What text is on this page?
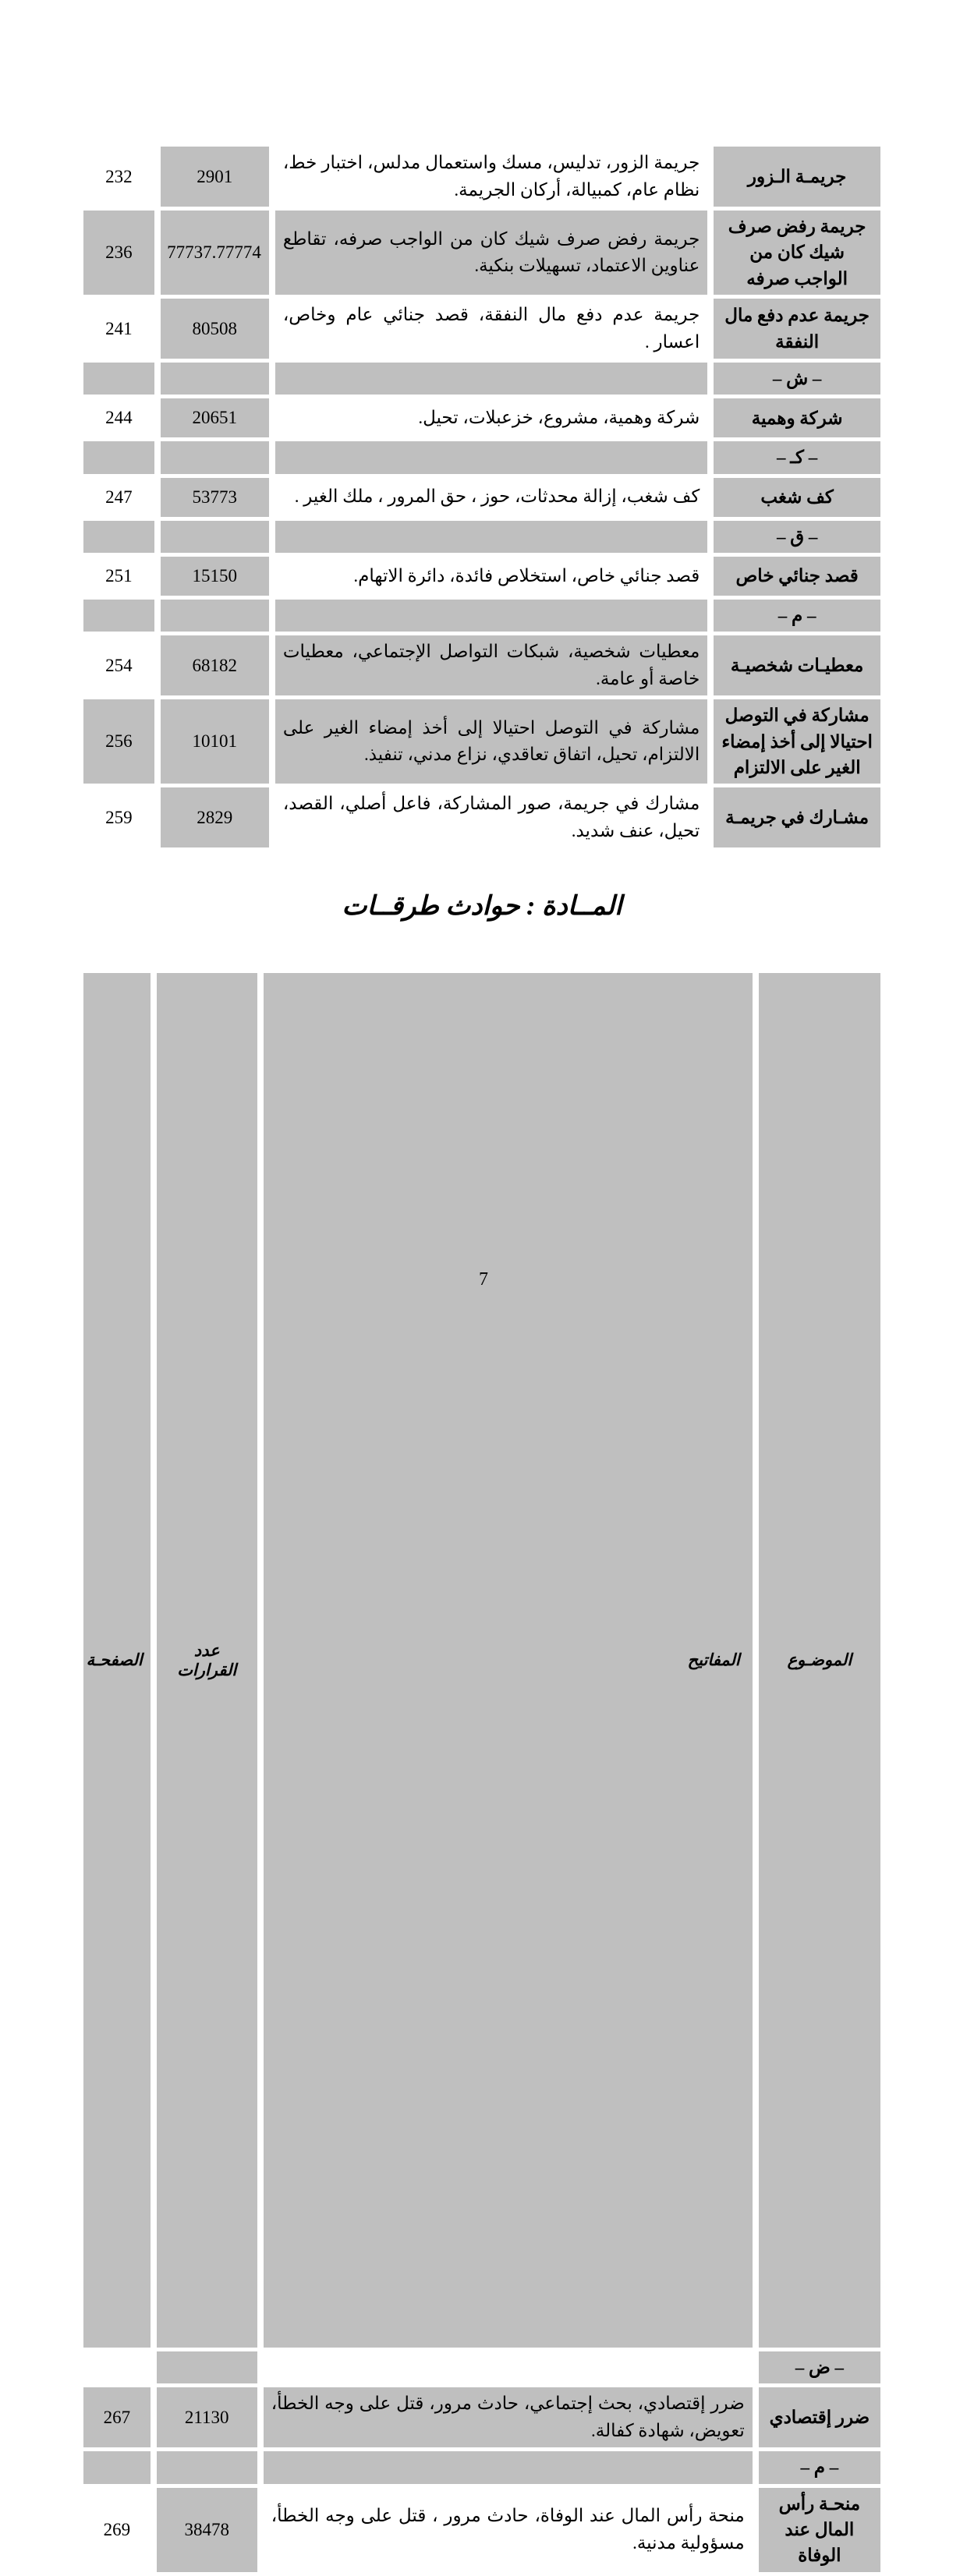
جريمـة الـزور	جريمة الزور، تدليس، مسك واستعمال مدلس، اختبار خط، نظام عام، كمبيالة، أركان الجريمة.	2901	232
جريمة رفض صرف شيك كان من الواجب صرفه	جريمة رفض صرف شيك كان من الواجب صرفه، تقاطع عناوين الاعتماد، تسهيلات بنكية.	77737.77774	236
جريمة عدم دفع مال النفقة	جريمة عدم دفع مال النفقة، قصد جنائي عام وخاص، اعسار .	80508	241
– ش –			
شركة وهمية	شركة وهمية، مشروع، خزعبلات، تحيل.	20651	244
– كـ –			
كف شغب	كف شغب، إزالة محدثات، حوز ، حق المرور ، ملك الغير .	53773	247
– ق –			
قصد جنائي خاص	قصد جنائي خاص، استخلاص فائدة، دائرة الاتهام.	15150	251
– م –			
معطيـات شخصيـة	معطيات شخصية، شبكات التواصل الإجتماعي، معطيات خاصة أو عامة.	68182	254
مشاركة في التوصل احتيالا إلى أخذ إمضاء الغير على الالتزام	مشاركة في التوصل احتيالا إلى أخذ إمضاء الغير على الالتزام، تحيل، اتفاق تعاقدي، نزاع مدني، تنفيذ.	10101	256
مشـارك في جريمـة	مشارك في جريمة، صور المشاركة، فاعل أصلي، القصد، تحيل، عنف شديد.	2829	259
المــادة : حوادث طرقــات
الموضـوع	المفاتيح	عدد القرارات	الصفحـة
– ض –			
ضرر إقتصادي	ضرر إقتصادي، بحث إجتماعي، حادث مرور، قتل على وجه الخطأ، تعويض، شهادة كفالة.	21130	267
– م –			
منحـة رأس المال عند الوفاة	منحة رأس المال عند الوفاة، حادث مرور ، قتل على وجه الخطأ، مسؤولية مدنية.	38478	269
7
